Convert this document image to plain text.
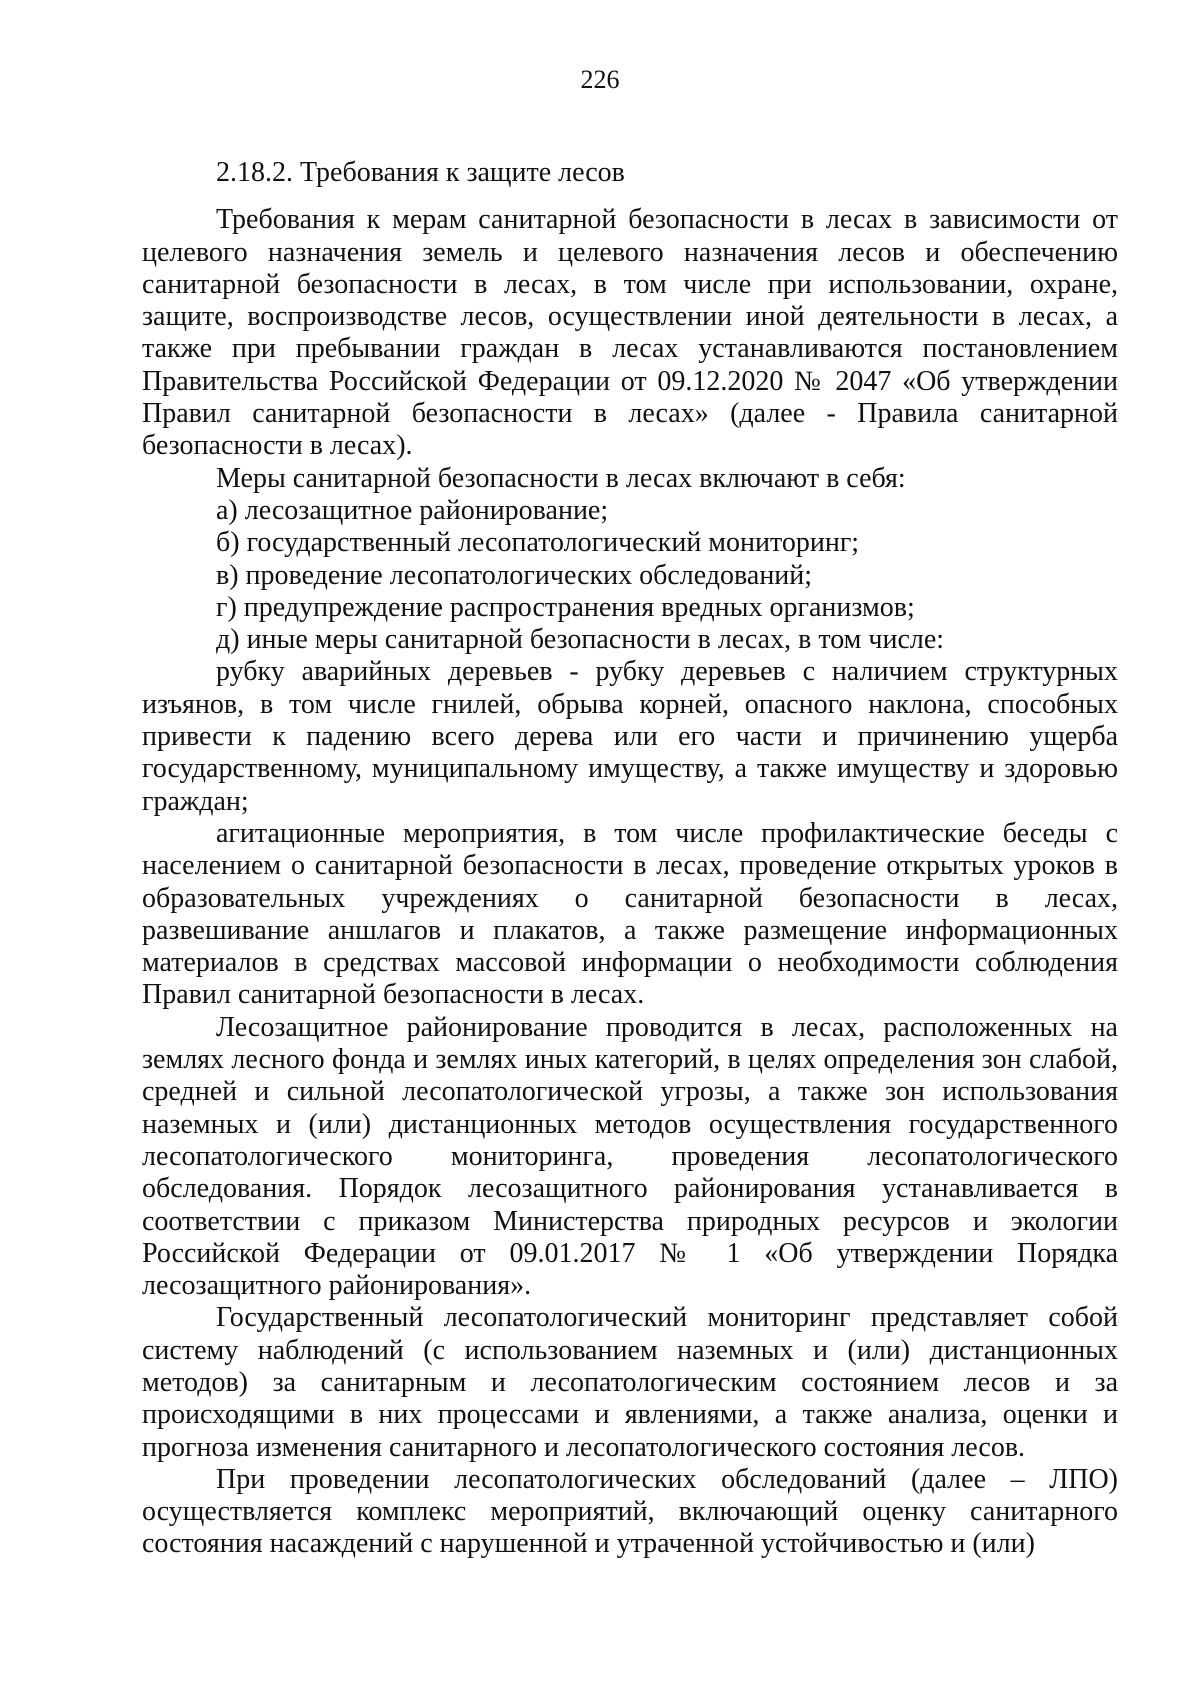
226

2.18.2. Требования к защите лесов

Требования к мерам санитарной безопасности в лесах в зависимости от целевого назначения земель и целевого назначения лесов и обеспечению санитарной безопасности в лесах, в том числе при использовании, охране, защите, воспроизводстве лесов, осуществлении иной деятельности в лесах, а также при пребывании граждан в лесах устанавливаются постановлением Правительства Российской Федерации от 09.12.2020 № 2047 «Об утверждении Правил санитарной безопасности в лесах» (далее - Правила санитарной безопасности в лесах).

Меры санитарной безопасности в лесах включают в себя:

а) лесозащитное районирование;

б) государственный лесопатологический мониторинг;

в) проведение лесопатологических обследований;

г) предупреждение распространения вредных организмов;

д) иные меры санитарной безопасности в лесах, в том числе:

рубку аварийных деревьев - рубку деревьев с наличием структурных изъянов, в том числе гнилей, обрыва корней, опасного наклона, способных привести к падению всего дерева или его части и причинению ущерба государственному, муниципальному имуществу, а также имуществу и здоровью граждан;

агитационные мероприятия, в том числе профилактические беседы с населением о санитарной безопасности в лесах, проведение открытых уроков в образовательных учреждениях о санитарной безопасности в лесах, развешивание аншлагов и плакатов, а также размещение информационных материалов в средствах массовой информации о необходимости соблюдения Правил санитарной безопасности в лесах.

Лесозащитное районирование проводится в лесах, расположенных на землях лесного фонда и землях иных категорий, в целях определения зон слабой, средней и сильной лесопатологической угрозы, а также зон использования наземных и (или) дистанционных методов осуществления государственного лесопатологического мониторинга, проведения лесопатологического обследования. Порядок лесозащитного районирования устанавливается в соответствии с приказом Министерства природных ресурсов и экологии Российской Федерации от 09.01.2017 № 1 «Об утверждении Порядка лесозащитного районирования».

Государственный лесопатологический мониторинг представляет собой систему наблюдений (с использованием наземных и (или) дистанционных методов) за санитарным и лесопатологическим состоянием лесов и за происходящими в них процессами и явлениями, а также анализа, оценки и прогноза изменения санитарного и лесопатологического состояния лесов.

При проведении лесопатологических обследований (далее – ЛПО) осуществляется комплекс мероприятий, включающий оценку санитарного состояния насаждений с нарушенной и утраченной устойчивостью и (или)
